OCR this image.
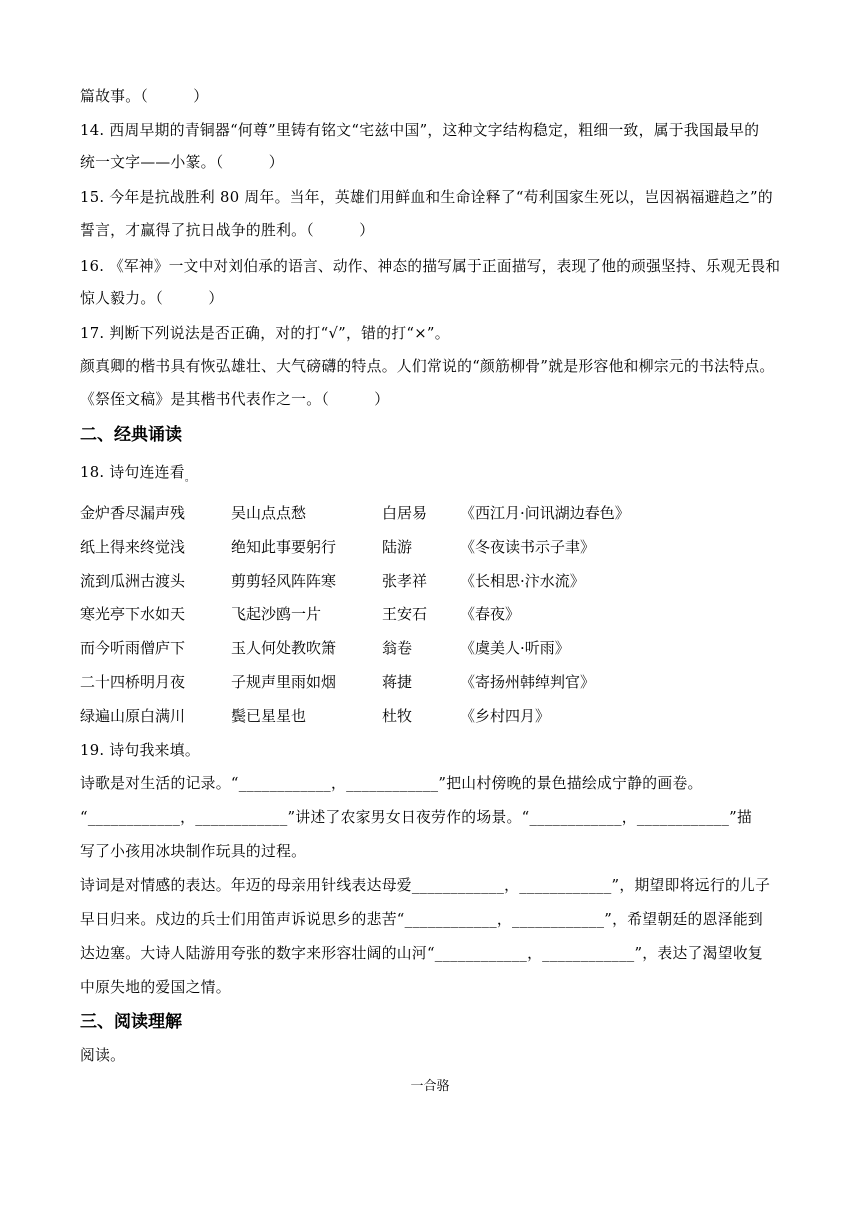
篇故事。（　　　）
14. 西周早期的青铜器“何尊”里铸有铭文“宅兹中国”，这种文字结构稳定，粗细一致，属于我国最早的
统一文字——小篆。（　　　）
15. 今年是抗战胜利 80 周年。当年，英雄们用鲜血和生命诠释了“苟利国家生死以，岂因祸福避趋之”的
誓言，才赢得了抗日战争的胜利。（　　　）
16. 《军神》一文中对刘伯承的语言、动作、神态的描写属于正面描写，表现了他的顽强坚持、乐观无畏和
惊人毅力。（　　　）
17. 判断下列说法是否正确，对的打“√”，错的打“×”。
颜真卿的楷书具有恢弘雄壮、大气磅礴的特点。人们常说的“颜筋柳骨”就是形容他和柳宗元的书法特点。
《祭侄文稿》是其楷书代表作之一。（　　　）
二、经典诵读
18. 诗句连连看$_。$
金炉香尽漏声残	吴山点点愁	白居易 《西江月·问讯湖边春色》
纸上得来终觉浅	绝知此事要躬行	陆游	《冬夜读书示子聿》
流到瓜洲古渡头	剪剪轻风阵阵寒	张孝祥 《长相思·汴水流》
寒光亭下水如天	飞起沙鸥一片	王安石 《春夜》
而今听雨僧庐下	玉人何处教吹箫	翁卷	《虞美人·听雨》
二十四桥明月夜	子规声里雨如烟	蒋捷	《寄扬州韩绰判官》
绿遍山原白满川	鬓已星星也	杜牧	《乡村四月》
19. 诗句我来填。
诗歌是对生活的记录。“____________，____________”把山村傍晚的景色描绘成宁静的画卷。
“____________，____________”讲述了农家男女日夜劳作的场景。“____________，____________”描
写了小孩用冰块制作玩具的过程。
诗词是对情感的表达。年迈的母亲用针线表达母爱____________，____________”，期望即将远行的儿子
早日归来。戍边的兵士们用笛声诉说思乡的悲苦“____________，____________”，希望朝廷的恩泽能到
达边塞。大诗人陆游用夸张的数字来形容壮阔的山河“____________，____________”，表达了渴望收复
中原失地的爱国之情。
三、阅读理解
阅读。
一合骆
